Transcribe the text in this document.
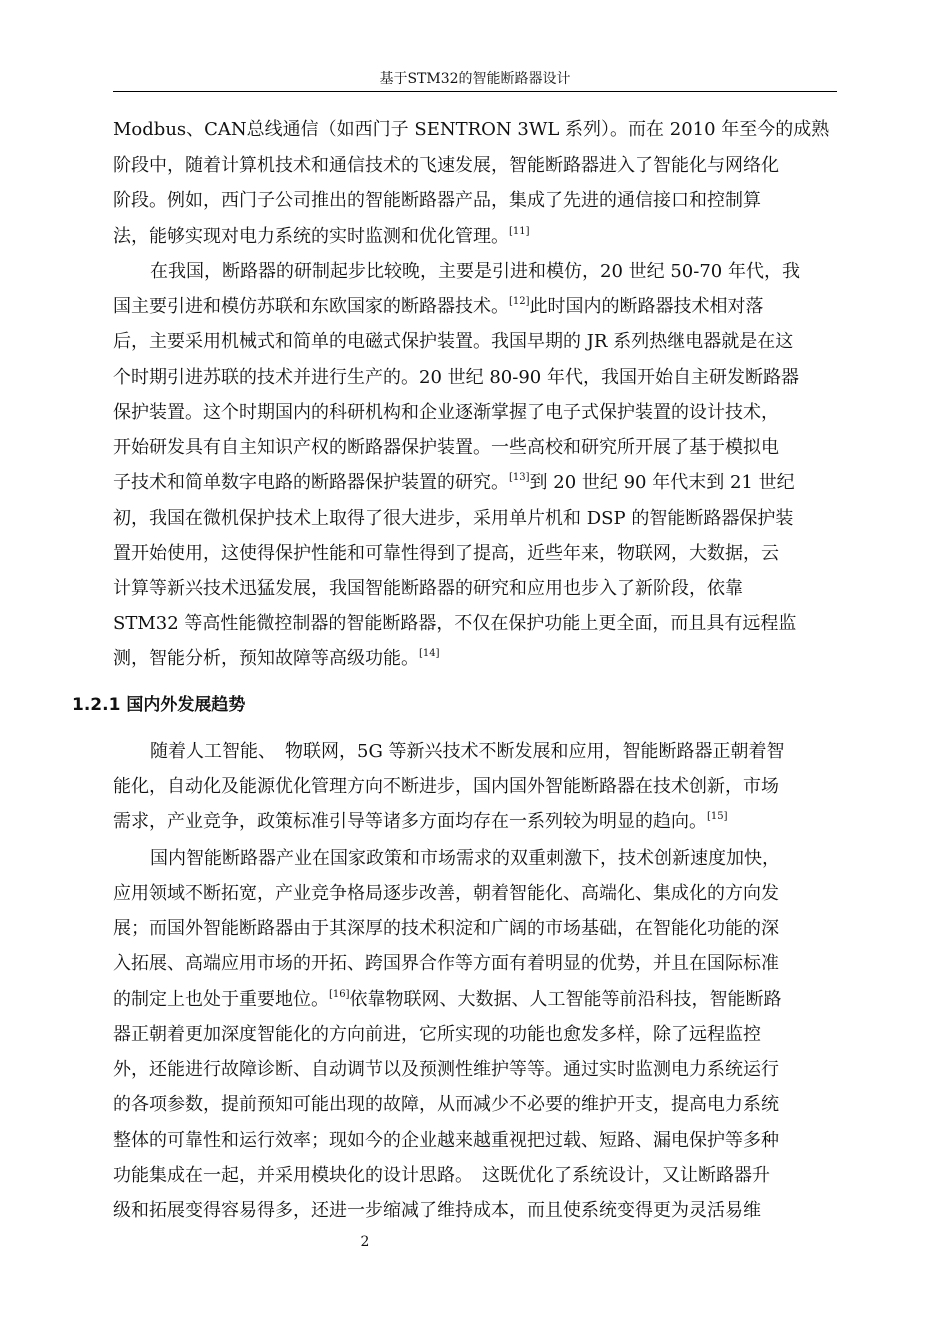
基于STM32的智能断路器设计
Modbus、CAN总线通信（如西门子 SENTRON 3WL 系列）。而在 2010 年至今的成熟
阶段中，随着计算机技术和通信技术的飞速发展，智能断路器进入了智能化与网络化
阶段。例如，西门子公司推出的智能断路器产品，集成了先进的通信接口和控制算
法，能够实现对电力系统的实时监测和优化管理。[11]
在我国，断路器的研制起步比较晚，主要是引进和模仿，20 世纪 50-70 年代，我
国主要引进和模仿苏联和东欧国家的断路器技术。[12]此时国内的断路器技术相对落
后，主要采用机械式和简单的电磁式保护装置。我国早期的 JR 系列热继电器就是在这
个时期引进苏联的技术并进行生产的。20 世纪 80-90 年代，我国开始自主研发断路器
保护装置。这个时期国内的科研机构和企业逐渐掌握了电子式保护装置的设计技术，
开始研发具有自主知识产权的断路器保护装置。一些高校和研究所开展了基于模拟电
子技术和简单数字电路的断路器保护装置的研究。[13]到 20 世纪 90 年代末到 21 世纪
初，我国在微机保护技术上取得了很大进步，采用单片机和 DSP 的智能断路器保护装
置开始使用，这使得保护性能和可靠性得到了提高，近些年来，物联网，大数据，云
计算等新兴技术迅猛发展，我国智能断路器的研究和应用也步入了新阶段，依靠
STM32 等高性能微控制器的智能断路器，不仅在保护功能上更全面，而且具有远程监
测，智能分析，预知故障等高级功能。[14]
1.2.1 国内外发展趋势
随着人工智能、　物联网，5G 等新兴技术不断发展和应用，智能断路器正朝着智
能化，自动化及能源优化管理方向不断进步，国内国外智能断路器在技术创新，市场
需求，产业竞争，政策标准引导等诸多方面均存在一系列较为明显的趋向。[15]
国内智能断路器产业在国家政策和市场需求的双重刺激下，技术创新速度加快，
应用领域不断拓宽，产业竞争格局逐步改善，朝着智能化、高端化、集成化的方向发
展；而国外智能断路器由于其深厚的技术积淀和广阔的市场基础，在智能化功能的深
入拓展、高端应用市场的开拓、跨国界合作等方面有着明显的优势，并且在国际标准
的制定上也处于重要地位。[16]依靠物联网、大数据、人工智能等前沿科技，智能断路
器正朝着更加深度智能化的方向前进，它所实现的功能也愈发多样，除了远程监控
外，还能进行故障诊断、自动调节以及预测性维护等等。通过实时监测电力系统运行
的各项参数，提前预知可能出现的故障，从而减少不必要的维护开支，提高电力系统
整体的可靠性和运行效率；现如今的企业越来越重视把过载、短路、漏电保护等多种
功能集成在一起，并采用模块化的设计思路。　这既优化了系统设计，又让断路器升
级和拓展变得容易得多，还进一步缩减了维持成本，而且使系统变得更为灵活易维
2
